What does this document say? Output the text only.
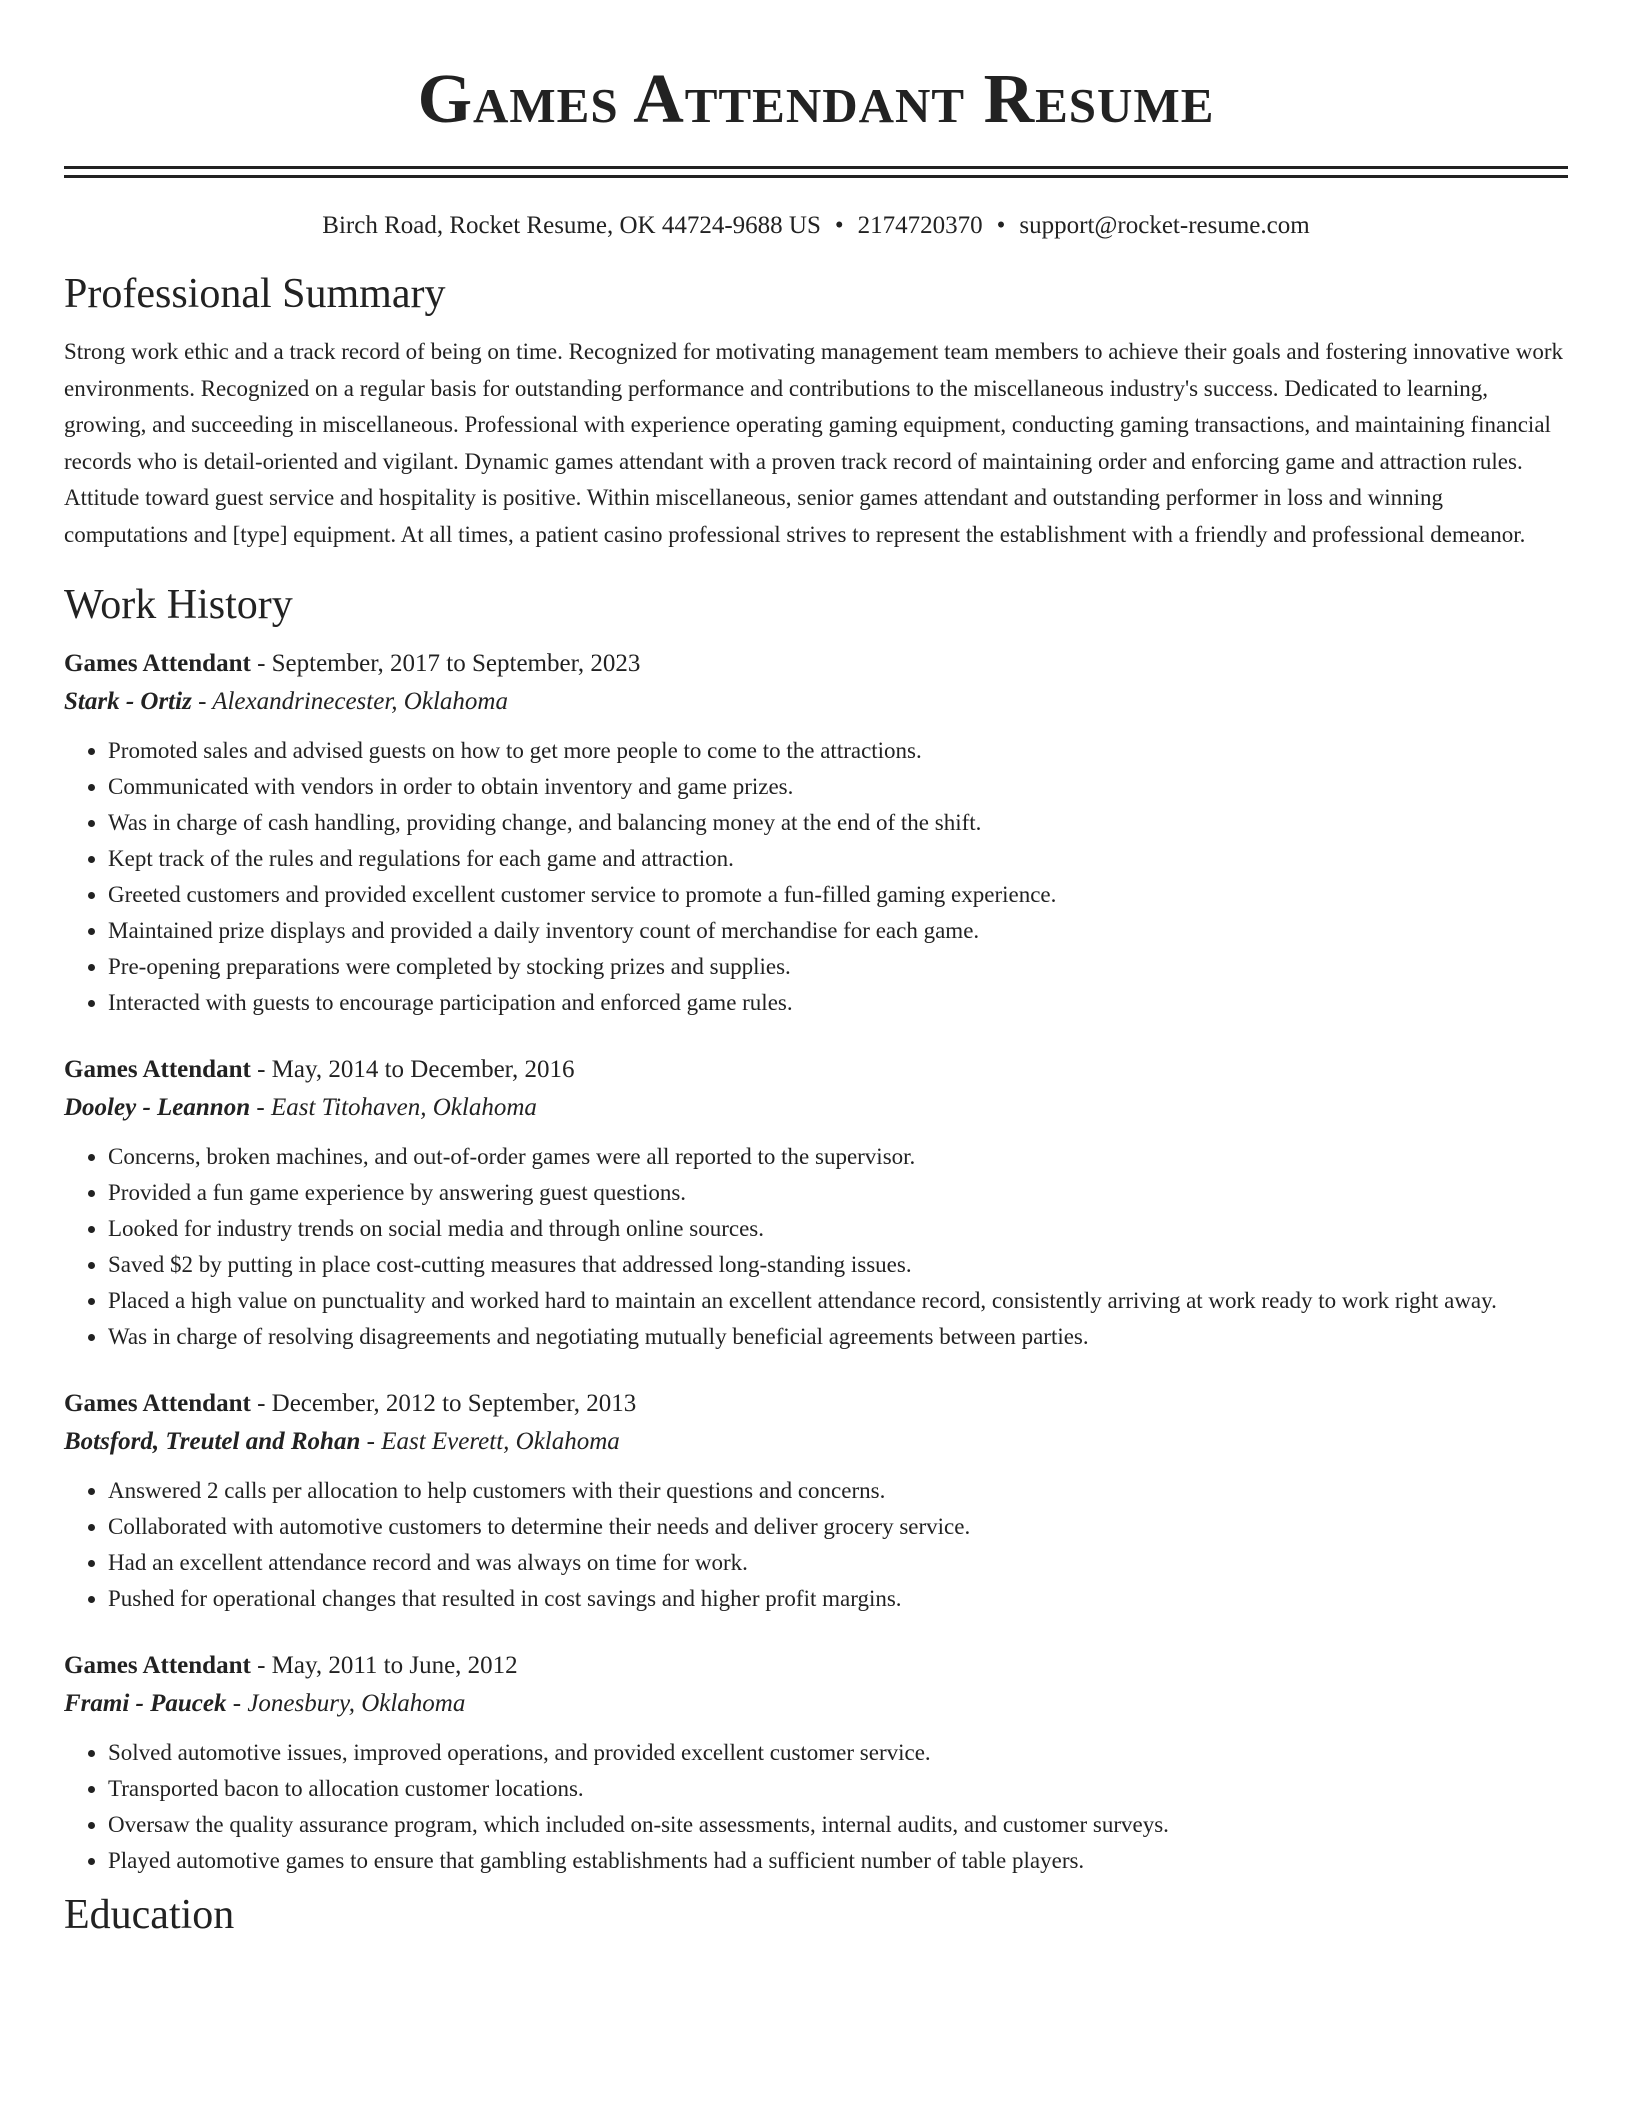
Games Attendant Resume
Birch Road, Rocket Resume, OK 44724-9688 US • 2174720370 • support@rocket-resume.com
Professional Summary

Strong work ethic and a track record of being on time. Recognized for motivating management team members to achieve their goals and fostering innovative work environments. Recognized on a regular basis for outstanding performance and contributions to the miscellaneous industry's success. Dedicated to learning, growing, and succeeding in miscellaneous. Professional with experience operating gaming equipment, conducting gaming transactions, and maintaining financial records who is detail-oriented and vigilant. Dynamic games attendant with a proven track record of maintaining order and enforcing game and attraction rules. Attitude toward guest service and hospitality is positive. Within miscellaneous, senior games attendant and outstanding performer in loss and winning computations and [type] equipment. At all times, a patient casino professional strives to represent the establishment with a friendly and professional demeanor.

Work History
Games Attendant - September, 2017 to September, 2023
Stark - Ortiz - Alexandrinecester, Oklahoma
• Promoted sales and advised guests on how to get more people to come to the attractions.
• Communicated with vendors in order to obtain inventory and game prizes.
• Was in charge of cash handling, providing change, and balancing money at the end of the shift.
• Kept track of the rules and regulations for each game and attraction.
• Greeted customers and provided excellent customer service to promote a fun-filled gaming experience.
• Maintained prize displays and provided a daily inventory count of merchandise for each game.
• Pre-opening preparations were completed by stocking prizes and supplies.
• Interacted with guests to encourage participation and enforced game rules.
Games Attendant - May, 2014 to December, 2016
Dooley - Leannon - East Titohaven, Oklahoma
• Concerns, broken machines, and out-of-order games were all reported to the supervisor.
• Provided a fun game experience by answering guest questions.
• Looked for industry trends on social media and through online sources.
• Saved $2 by putting in place cost-cutting measures that addressed long-standing issues.
• Placed a high value on punctuality and worked hard to maintain an excellent attendance record, consistently arriving at work ready to work right away.
• Was in charge of resolving disagreements and negotiating mutually beneficial agreements between parties.
Games Attendant - December, 2012 to September, 2013
Botsford, Treutel and Rohan - East Everett, Oklahoma
• Answered 2 calls per allocation to help customers with their questions and concerns.
• Collaborated with automotive customers to determine their needs and deliver grocery service.
• Had an excellent attendance record and was always on time for work.
• Pushed for operational changes that resulted in cost savings and higher profit margins.
Games Attendant - May, 2011 to June, 2012
Frami - Paucek - Jonesbury, Oklahoma
• Solved automotive issues, improved operations, and provided excellent customer service.
• Transported bacon to allocation customer locations.
• Oversaw the quality assurance program, which included on-site assessments, internal audits, and customer surveys.
• Played automotive games to ensure that gambling establishments had a sufficient number of table players.
Education
